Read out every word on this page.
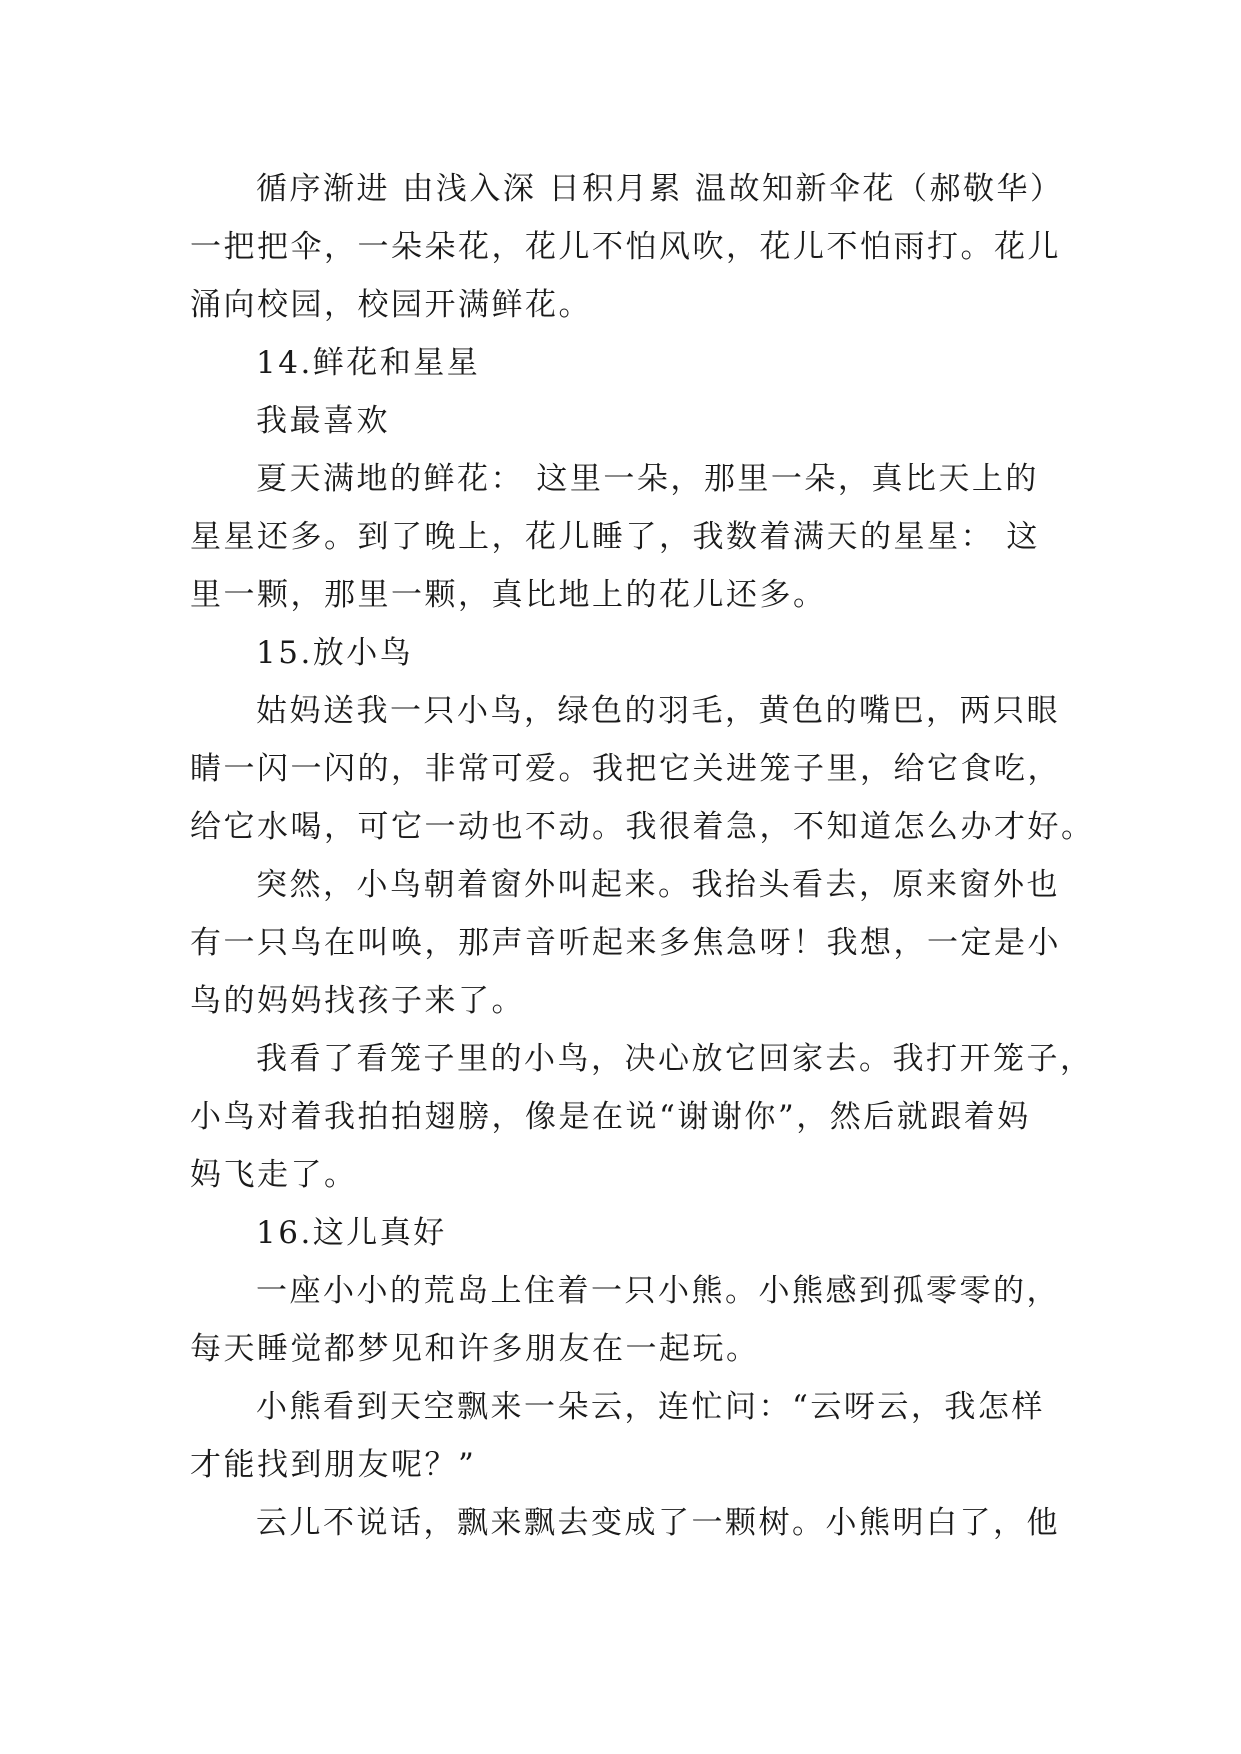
循序渐进 由浅入深 日积月累 温故知新伞花（郝敬华）
一把把伞，一朵朵花，花儿不怕风吹，花儿不怕雨打。花儿
涌向校园，校园开满鲜花。
14.鲜花和星星
我最喜欢
夏天满地的鲜花： 这里一朵，那里一朵，真比天上的
星星还多。到了晚上，花儿睡了，我数着满天的星星： 这
里一颗，那里一颗，真比地上的花儿还多。
15.放小鸟
姑妈送我一只小鸟，绿色的羽毛，黄色的嘴巴，两只眼
睛一闪一闪的，非常可爱。我把它关进笼子里，给它食吃，
给它水喝，可它一动也不动。我很着急，不知道怎么办才好。
突然，小鸟朝着窗外叫起来。我抬头看去，原来窗外也
有一只鸟在叫唤，那声音听起来多焦急呀！我想，一定是小
鸟的妈妈找孩子来了。
我看了看笼子里的小鸟，决心放它回家去。我打开笼子，
小鸟对着我拍拍翅膀，像是在说“谢谢你”，然后就跟着妈
妈飞走了。
16.这儿真好
一座小小的荒岛上住着一只小熊。小熊感到孤零零的，
每天睡觉都梦见和许多朋友在一起玩。
小熊看到天空飘来一朵云，连忙问：“云呀云，我怎样
才能找到朋友呢？”
云儿不说话，飘来飘去变成了一颗树。小熊明白了，他
